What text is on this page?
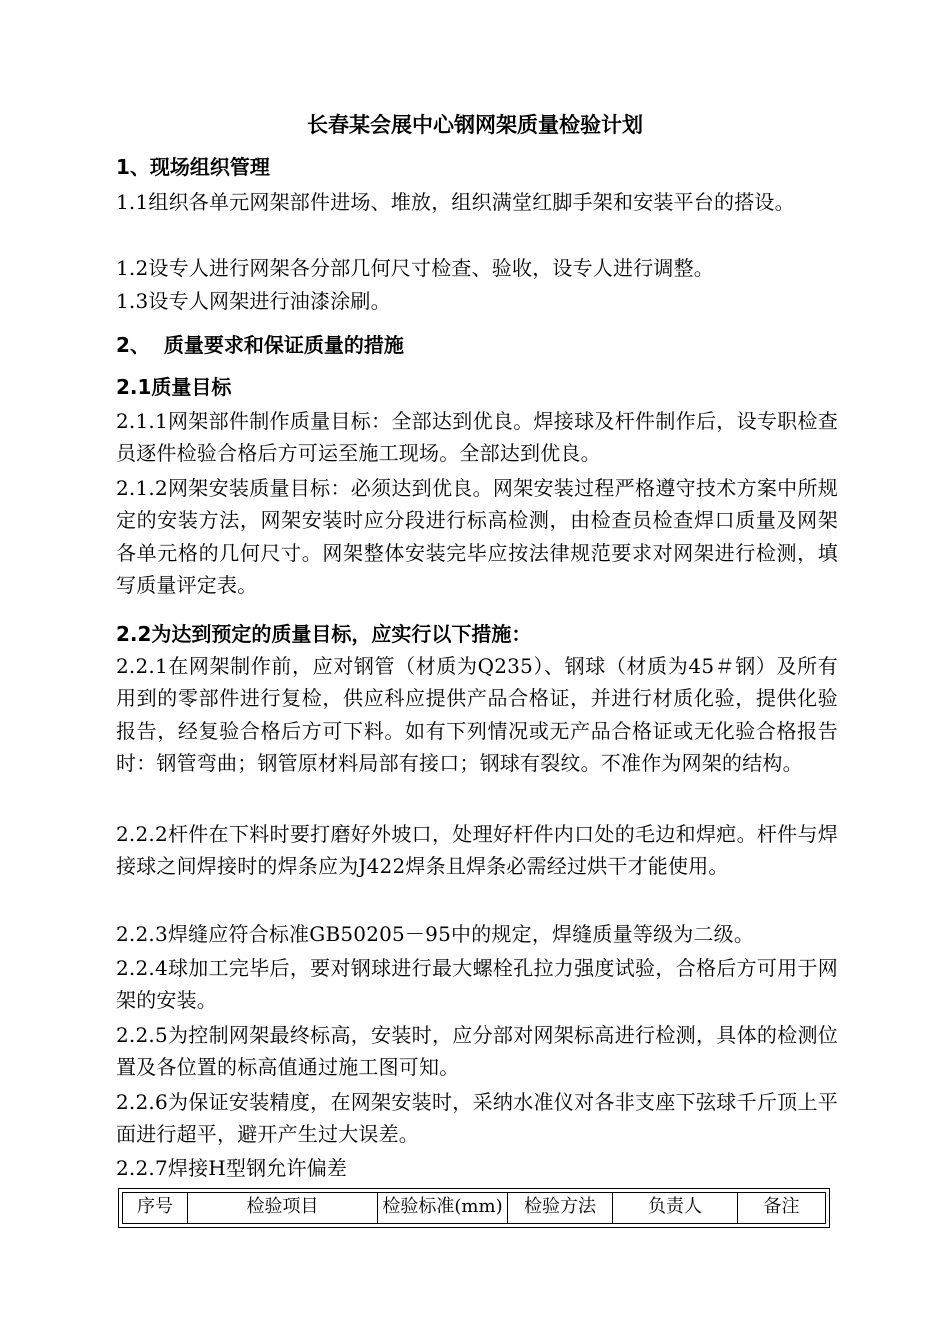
长春某会展中心钢网架质量检验计划
1、现场组织管理
1.1组织各单元网架部件进场、堆放，组织满堂红脚手架和安装平台的搭设。
1.2设专人进行网架各分部几何尺寸检查、验收，设专人进行调整。
1.3设专人网架进行油漆涂刷。
2、  质量要求和保证质量的措施
2.1质量目标
2.1.1网架部件制作质量目标：全部达到优良。焊接球及杆件制作后，设专职检查员逐件检验合格后方可运至施工现场。全部达到优良。
2.1.2网架安装质量目标：必须达到优良。网架安装过程严格遵守技术方案中所规定的安装方法，网架安装时应分段进行标高检测，由检查员检查焊口质量及网架各单元格的几何尺寸。网架整体安装完毕应按法律规范要求对网架进行检测，填写质量评定表。
2.2为达到预定的质量目标，应实行以下措施：
2.2.1在网架制作前，应对钢管（材质为Q235）、钢球（材质为45＃钢）及所有用到的零部件进行复检，供应科应提供产品合格证，并进行材质化验，提供化验报告，经复验合格后方可下料。如有下列情况或无产品合格证或无化验合格报告时：钢管弯曲；钢管原材料局部有接口；钢球有裂纹。不准作为网架的结构。
2.2.2杆件在下料时要打磨好外坡口，处理好杆件内口处的毛边和焊疤。杆件与焊接球之间焊接时的焊条应为J422焊条且焊条必需经过烘干才能使用。
2.2.3焊缝应符合标准GB50205－95中的规定，焊缝质量等级为二级。
2.2.4球加工完毕后，要对钢球进行最大螺栓孔拉力强度试验，合格后方可用于网架的安装。
2.2.5为控制网架最终标高，安装时，应分部对网架标高进行检测，具体的检测位置及各位置的标高值通过施工图可知。
2.2.6为保证安装精度，在网架安装时，采纳水准仪对各非支座下弦球千斤顶上平面进行超平，避开产生过大误差。
2.2.7焊接H型钢允许偏差
序号	检验项目	检验标准(mm)	检验方法	负责人	备注
